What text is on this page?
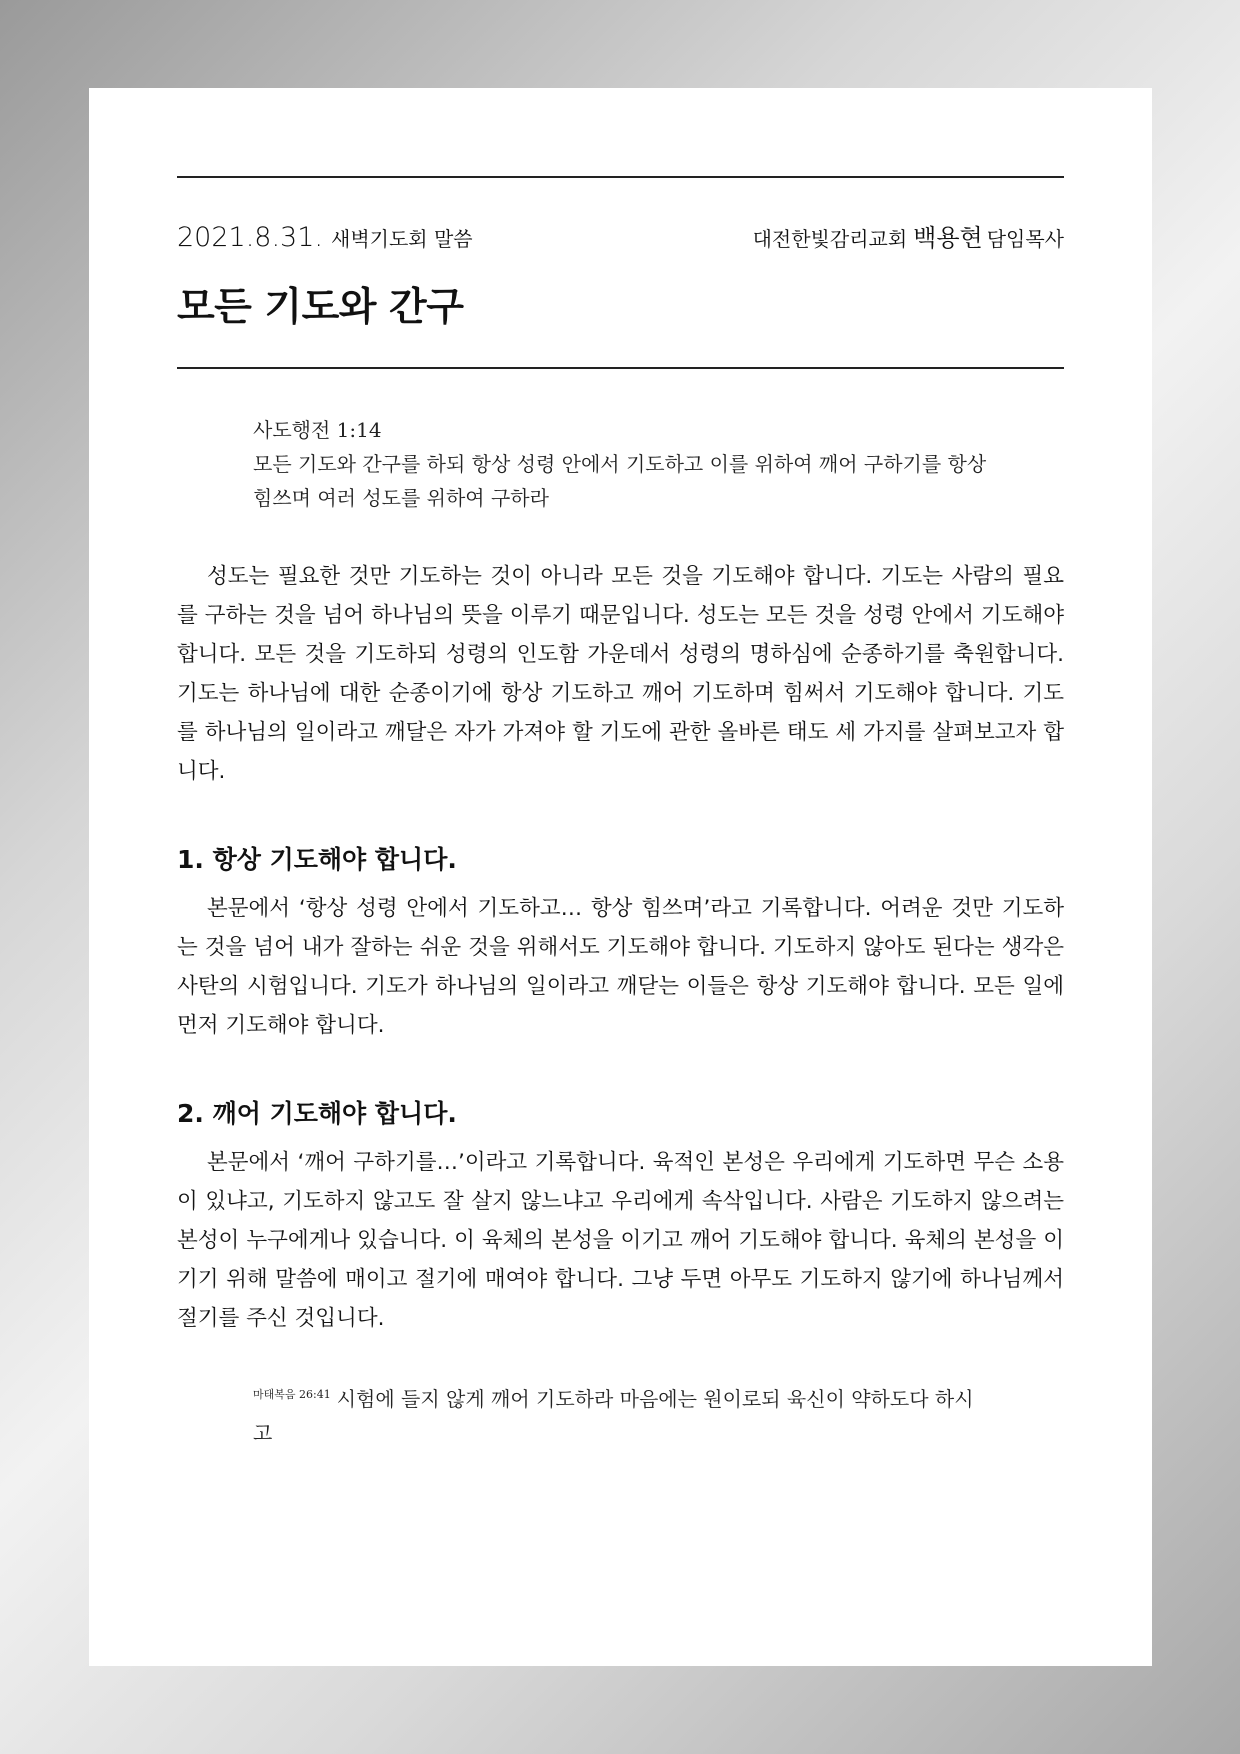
2021.8.31. 새벽기도회 말씀	대전한빛감리교회 백용현 담임목사
모든 기도와 간구
사도행전 1:14
모든 기도와 간구를 하되 항상 성령 안에서 기도하고 이를 위하여 깨어 구하기를 항상 힘쓰며 여러 성도를 위하여 구하라

성도는 필요한 것만 기도하는 것이 아니라 모든 것을 기도해야 합니다. 기도는 사람의 필요를 구하는 것을 넘어 하나님의 뜻을 이루기 때문입니다. 성도는 모든 것을 성령 안에서 기도해야 합니다. 모든 것을 기도하되 성령의 인도함 가운데서 성령의 명하심에 순종하기를 축원합니다. 기도는 하나님에 대한 순종이기에 항상 기도하고 깨어 기도하며 힘써서 기도해야 합니다. 기도를 하나님의 일이라고 깨달은 자가 가져야 할 기도에 관한 올바른 태도 세 가지를 살펴보고자 합니다.

1. 항상 기도해야 합니다.

본문에서 ‘항상 성령 안에서 기도하고… 항상 힘쓰며’라고 기록합니다. 어려운 것만 기도하는 것을 넘어 내가 잘하는 쉬운 것을 위해서도 기도해야 합니다. 기도하지 않아도 된다는 생각은 사탄의 시험입니다. 기도가 하나님의 일이라고 깨닫는 이들은 항상 기도해야 합니다. 모든 일에 먼저 기도해야 합니다.

2. 깨어 기도해야 합니다.

본문에서 ‘깨어 구하기를…’이라고 기록합니다. 육적인 본성은 우리에게 기도하면 무슨 소용이 있냐고, 기도하지 않고도 잘 살지 않느냐고 우리에게 속삭입니다. 사람은 기도하지 않으려는 본성이 누구에게나 있습니다. 이 육체의 본성을 이기고 깨어 기도해야 합니다. 육체의 본성을 이기기 위해 말씀에 매이고 절기에 매여야 합니다. 그냥 두면 아무도 기도하지 않기에 하나님께서 절기를 주신 것입니다.

$^{마태복음 26:41}$ 시험에 들지 않게 깨어 기도하라 마음에는 원이로되 육신이 약하도다 하시고
